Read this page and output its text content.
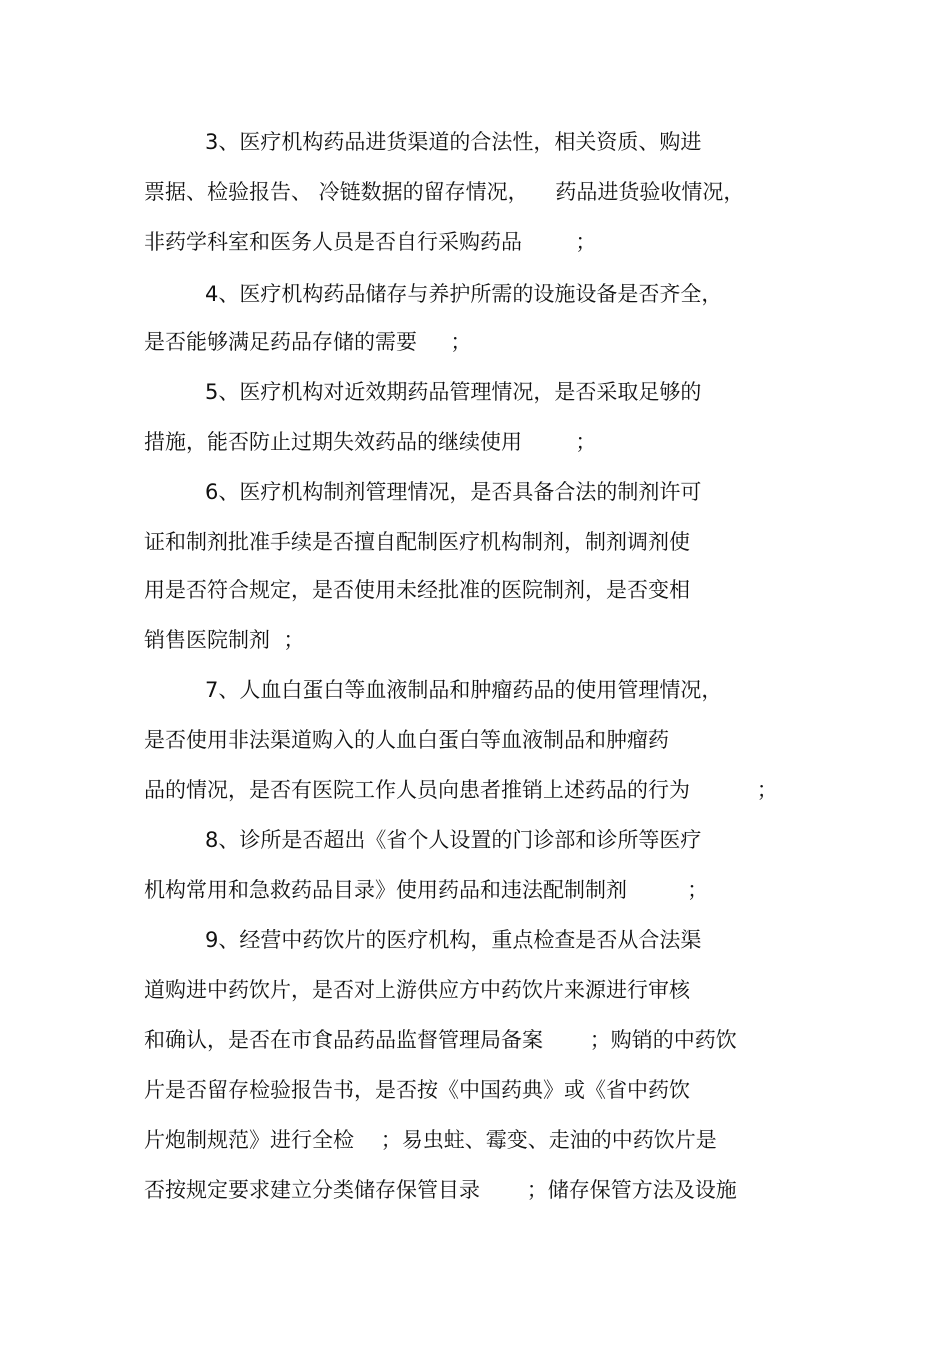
3、医疗机构药品进货渠道的合法性，相关资质、购进
票据、检验报告、 冷链数据的留存情况，    药品进货验收情况，
非药学科室和医务人员是否自行采购药品        ；
4、医疗机构药品储存与养护所需的设施设备是否齐全，
是否能够满足药品存储的需要     ；
5、医疗机构对近效期药品管理情况，是否采取足够的
措施，能否防止过期失效药品的继续使用        ；
6、医疗机构制剂管理情况，是否具备合法的制剂许可
证和制剂批准手续是否擅自配制医疗机构制剂，制剂调剂使
用是否符合规定，是否使用未经批准的医院制剂，是否变相
销售医院制剂  ；
7、人血白蛋白等血液制品和肿瘤药品的使用管理情况，
是否使用非法渠道购入的人血白蛋白等血液制品和肿瘤药
品的情况，是否有医院工作人员向患者推销上述药品的行为          ；
8、诊所是否超出《省个人设置的门诊部和诊所等医疗
机构常用和急救药品目录》使用药品和违法配制制剂         ；
9、经营中药饮片的医疗机构，重点检查是否从合法渠
道购进中药饮片，是否对上游供应方中药饮片来源进行审核
和确认，是否在市食品药品监督管理局备案       ；购销的中药饮
片是否留存检验报告书，是否按《中国药典》或《省中药饮
片炮制规范》进行全检    ；易虫蛀、霉变、走油的中药饮片是
否按规定要求建立分类储存保管目录       ；储存保管方法及设施
